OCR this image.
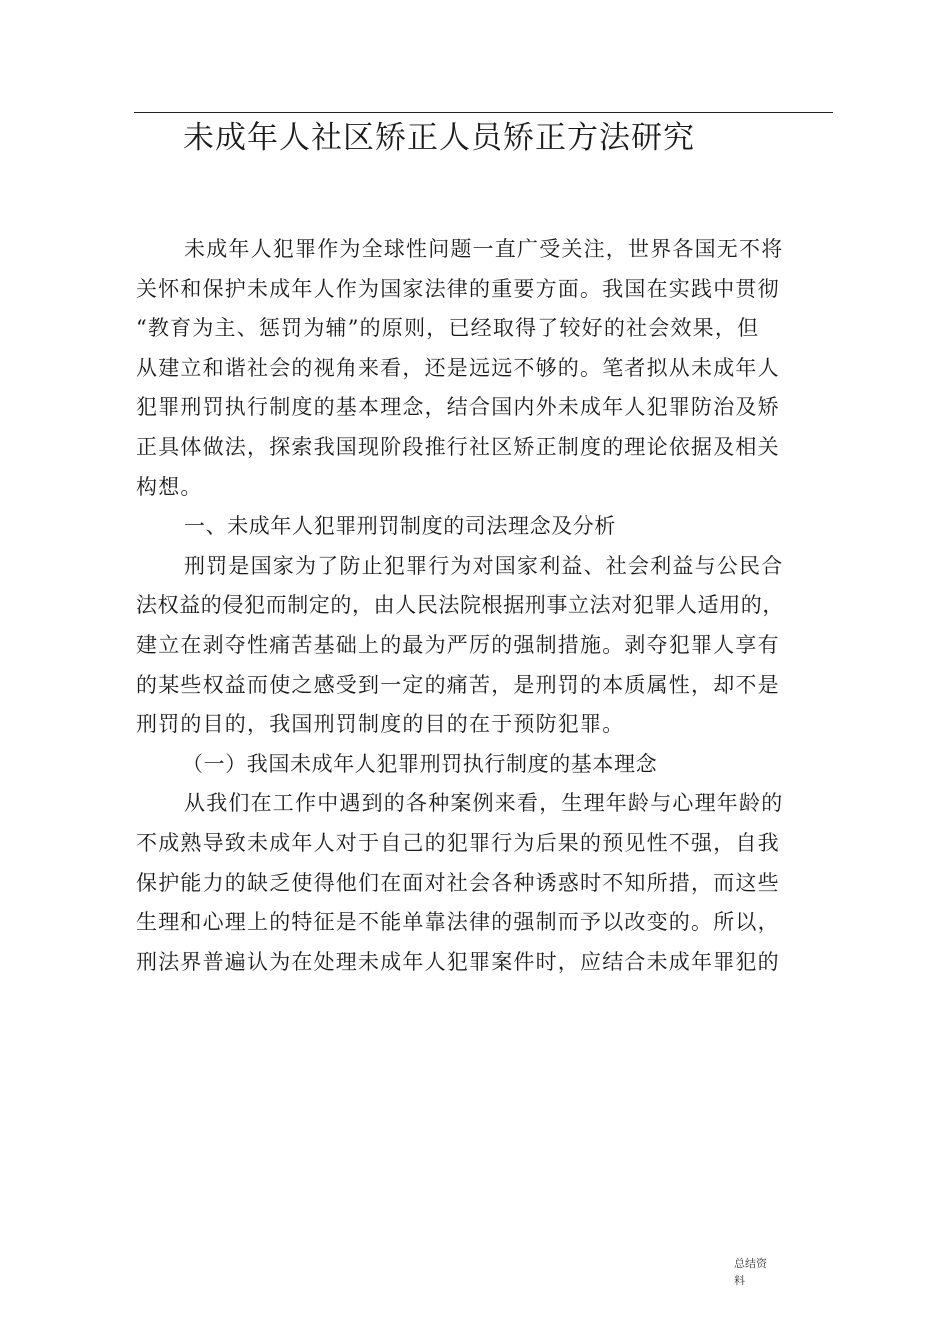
未成年人社区矫正人员矫正方法研究
未成年人犯罪作为全球性问题一直广受关注，世界各国无不将
关怀和保护未成年人作为国家法律的重要方面。我国在实践中贯彻
“教育为主、惩罚为辅”的原则，已经取得了较好的社会效果，但
从建立和谐社会的视角来看，还是远远不够的。笔者拟从未成年人
犯罪刑罚执行制度的基本理念，结合国内外未成年人犯罪防治及矫
正具体做法，探索我国现阶段推行社区矫正制度的理论依据及相关
构想。
一、未成年人犯罪刑罚制度的司法理念及分析
刑罚是国家为了防止犯罪行为对国家利益、社会利益与公民合
法权益的侵犯而制定的，由人民法院根据刑事立法对犯罪人适用的，
建立在剥夺性痛苦基础上的最为严厉的强制措施。剥夺犯罪人享有
的某些权益而使之感受到一定的痛苦，是刑罚的本质属性，却不是
刑罚的目的，我国刑罚制度的目的在于预防犯罪。
（一）我国未成年人犯罪刑罚执行制度的基本理念
从我们在工作中遇到的各种案例来看，生理年龄与心理年龄的
不成熟导致未成年人对于自己的犯罪行为后果的预见性不强，自我
保护能力的缺乏使得他们在面对社会各种诱惑时不知所措，而这些
生理和心理上的特征是不能单靠法律的强制而予以改变的。所以，
刑法界普遍认为在处理未成年人犯罪案件时，应结合未成年罪犯的
总结资
料
